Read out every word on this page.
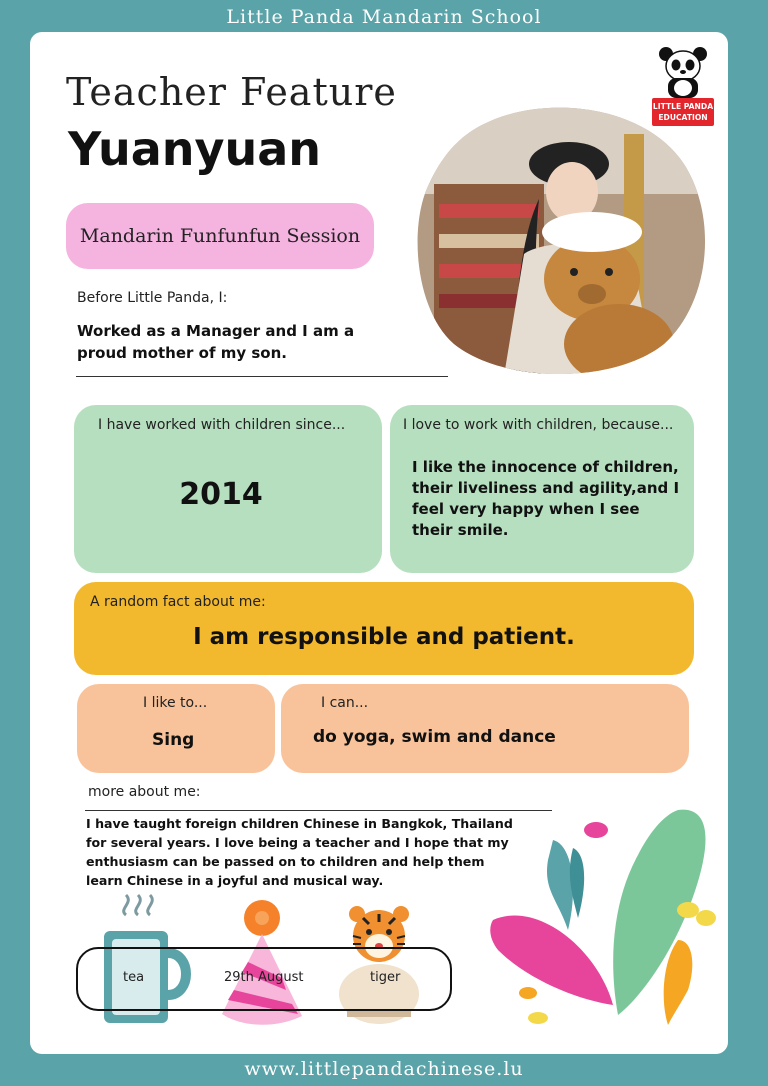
Little Panda Mandarin School
LITTLE PANDA
EDUCATION
Teacher Feature
Yuanyuan
Mandarin Funfunfun Session
Before Little Panda, I:
Worked as a Manager and I am a proud mother of my son.
I have worked with children since...
2014
I love to work with children, because...
I like the innocence of children, their liveliness and agility,and I feel very happy when I see their smile.
A random fact about me:
I am responsible and patient.
I like to...
Sing
I can...
do yoga, swim and dance
more about me:
I have taught foreign children Chinese in Bangkok, Thailand for several years. I love being a teacher and I hope that my enthusiasm can be passed on to children and help them learn Chinese in a joyful and musical way.
tea	29th August	tiger
www.littlepandachinese.lu
